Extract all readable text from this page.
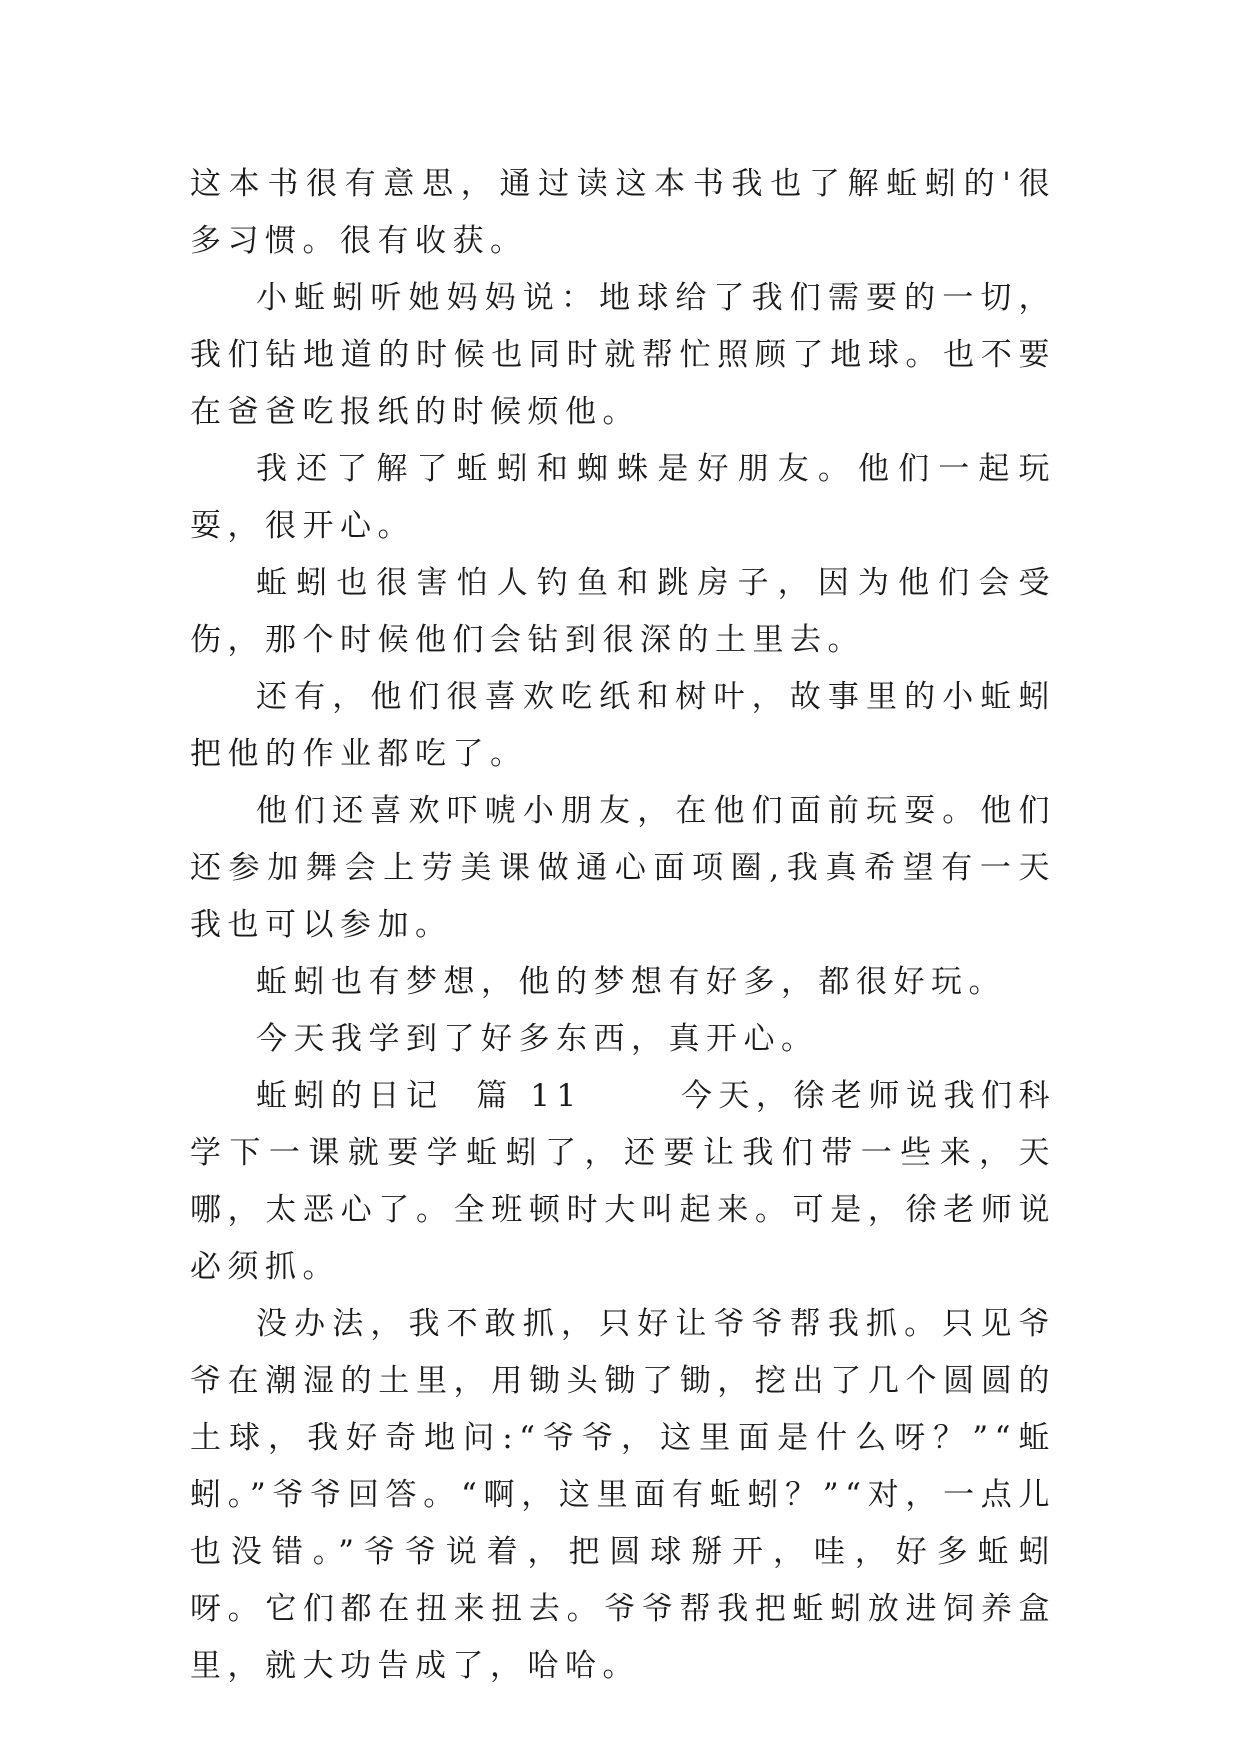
这本书很有意思，通过读这本书我也了解蚯蚓的'很多习惯。很有收获。

小蚯蚓听她妈妈说：地球给了我们需要的一切，我们钻地道的时候也同时就帮忙照顾了地球。也不要在爸爸吃报纸的时候烦他。

我还了解了蚯蚓和蜘蛛是好朋友。他们一起玩耍，很开心。

蚯蚓也很害怕人钓鱼和跳房子，因为他们会受伤，那个时候他们会钻到很深的土里去。

还有，他们很喜欢吃纸和树叶，故事里的小蚯蚓把他的作业都吃了。

他们还喜欢吓唬小朋友，在他们面前玩耍。他们还参加舞会上劳美课做通心面项圈,我真希望有一天我也可以参加。

蚯蚓也有梦想，他的梦想有好多，都很好玩。

今天我学到了好多东西，真开心。

蚯蚓的日记  篇 11      今天，徐老师说我们科学下一课就要学蚯蚓了，还要让我们带一些来，天哪，太恶心了。全班顿时大叫起来。可是，徐老师说必须抓。

没办法，我不敢抓，只好让爷爷帮我抓。只见爷爷在潮湿的土里，用锄头锄了锄，挖出了几个圆圆的土球，我好奇地问:“爷爷，这里面是什么呀？”“蚯蚓。”爷爷回答。“啊，这里面有蚯蚓？”“对，一点儿也没错。”爷爷说着，把圆球掰开，哇，好多蚯蚓呀。它们都在扭来扭去。爷爷帮我把蚯蚓放进饲养盒里，就大功告成了，哈哈。
